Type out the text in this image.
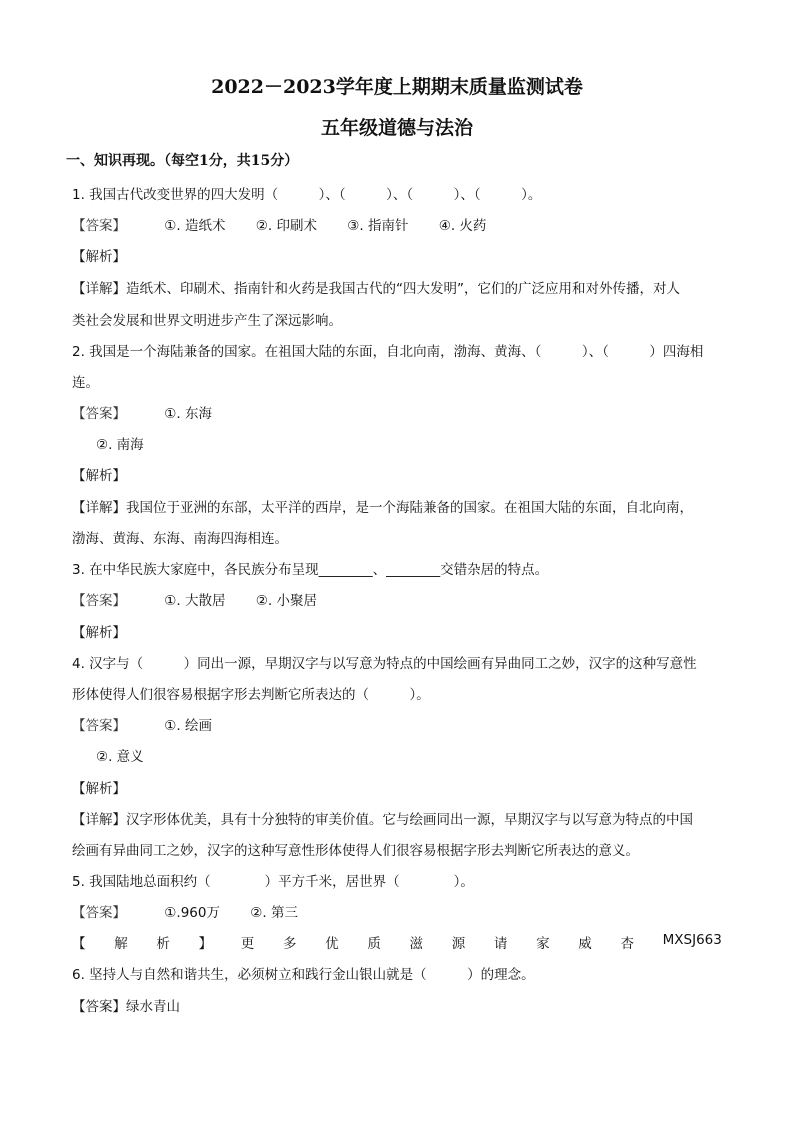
2022－2023学年度上期期末质量监测试卷
五年级道德与法治
一、知识再现。（每空1分，共15分）
1. 我国古代改变世界的四大发明（　　　）、（　　　）、（　　　）、（　　　）。
【答案】	①. 造纸术 ②. 印刷术 ③. 指南针 ④. 火药
【解析】
【详解】造纸术、印刷术、指南针和火药是我国古代的“四大发明”，它们的广泛应用和对外传播，对人
类社会发展和世界文明进步产生了深远影响。
2. 我国是一个海陆兼备的国家。在祖国大陆的东面，自北向南，渤海、黄海、（　　　）、（　　　）四海相
连。
【答案】	①. 东海
②. 南海
【解析】
【详解】我国位于亚洲的东部，太平洋的西岸，是一个海陆兼备的国家。在祖国大陆的东面，自北向南，
渤海、黄海、东海、南海四海相连。
3. 在中华民族大家庭中，各民族分布呈现________、________交错杂居的特点。
【答案】	①. 大散居 ②. 小聚居
【解析】
4. 汉字与（　　　）同出一源，早期汉字与以写意为特点的中国绘画有异曲同工之妙，汉字的这种写意性
形体使得人们很容易根据字形去判断它所表达的（　　　）。
【答案】	①. 绘画
②. 意义
【解析】
【详解】汉字形体优美，具有十分独特的审美价值。它与绘画同出一源，早期汉字与以写意为特点的中国
绘画有异曲同工之妙，汉字的这种写意性形体使得人们很容易根据字形去判断它所表达的意义。
5. 我国陆地总面积约（　　　　）平方千米，居世界（　　　　）。
【答案】	①.960万 ②. 第三
【 解 析 】 更 多 优 质 滋 源 请 家 威 杏 MXSJ663
6. 坚持人与自然和谐共生，必须树立和践行金山银山就是（　　　）的理念。
【答案】绿水青山
